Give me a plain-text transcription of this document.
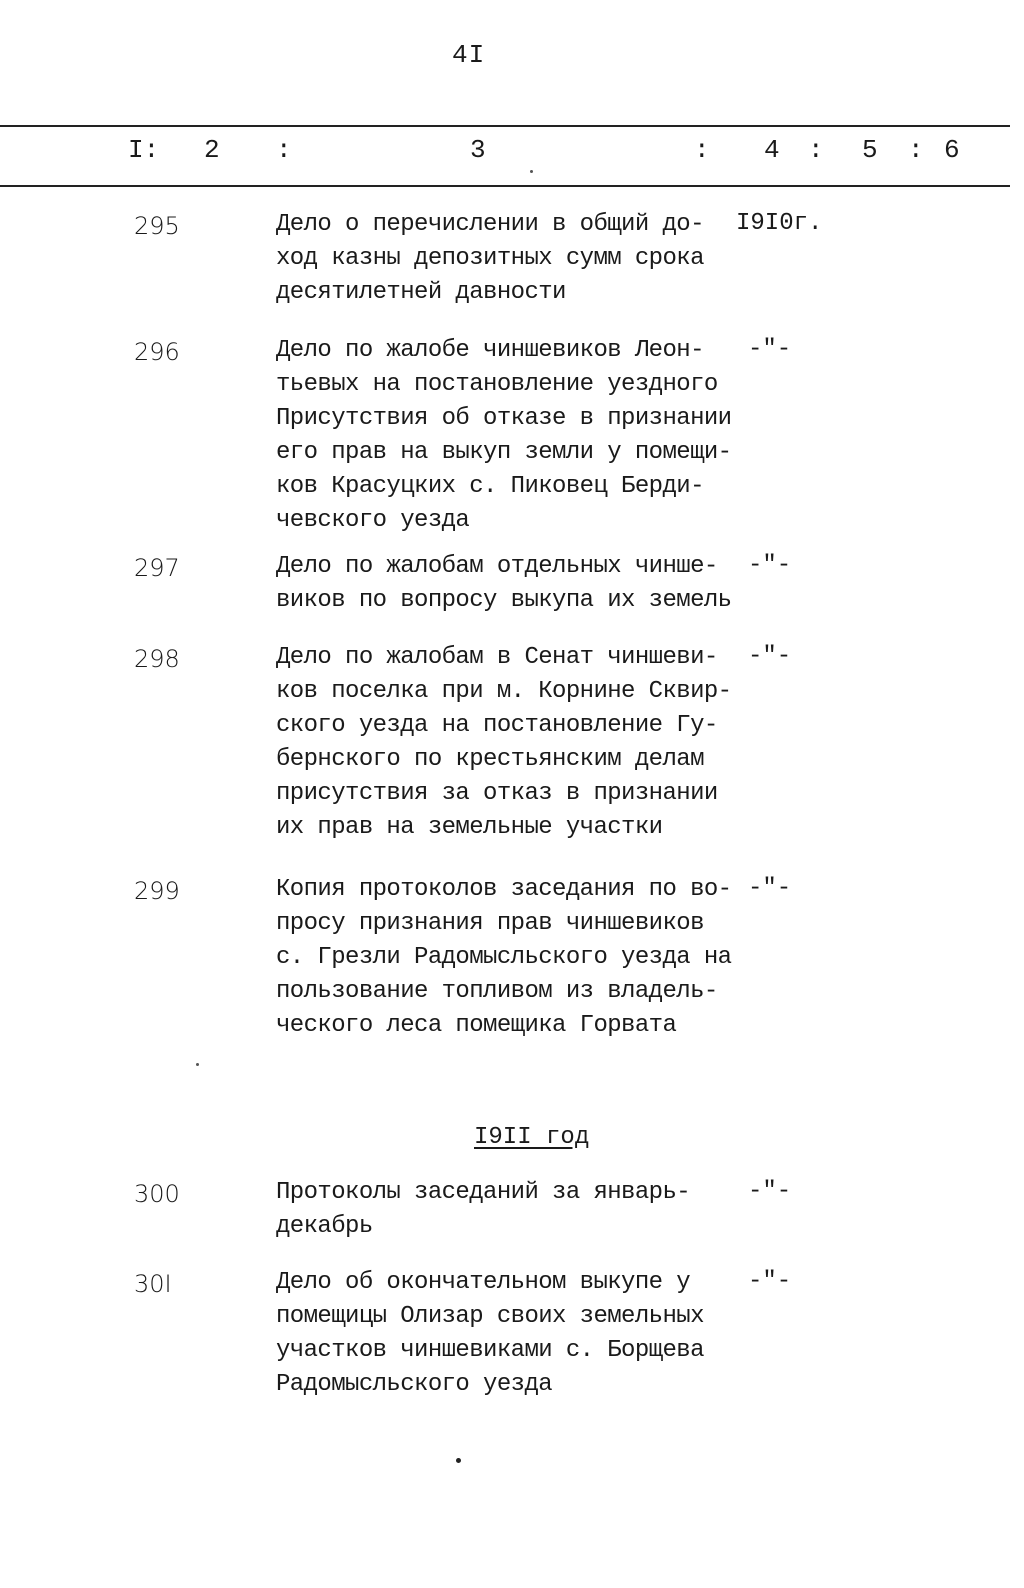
4I
I: 2 :	3	: 4 : 5 : 6
295	Дело о перечислении в общий до-
ход казны депозитных сумм срока
десятилетней давности
I9I0г.
296	Дело по жалобе чиншевиков Леон-
тьевых на постановление уездного
Присутствия об отказе в признании
его прав на выкуп земли у помещи-
ков Красуцких с. Пиковец Берди-
чевского уезда
-"-
297	Дело по жалобам отдельных чинше-
виков по вопросу выкупа их земель
-"-
298	Дело по жалобам в Сенат чиншеви-
ков поселка при м. Корнине Сквир-
ского уезда на постановление Гу-
бернского по крестьянским делам
присутствия за отказ в признании
их прав на земельные участки
-"-
299	Копия протоколов заседания по во-
просу признания прав чиншевиков
с. Грезли Радомысльского уезда на
пользование топливом из владель-
ческого леса помещика Горвата
-"-
300	Протоколы заседаний за январь-
декабрь
-"-
30I	Дело об окончательном выкупе у
помещицы Олизар своих земельных
участков чиншевиками с. Борщева
Радомысльского уезда
-"-
I9II год
